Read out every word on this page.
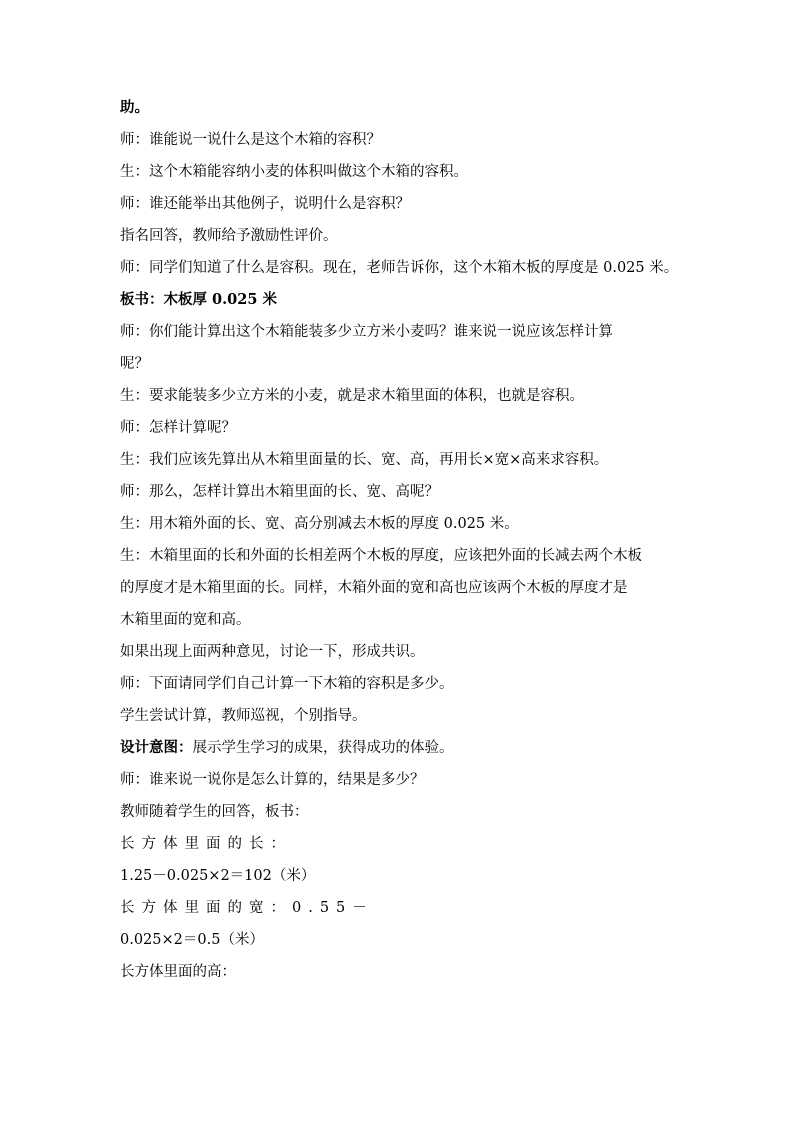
助。

师：谁能说一说什么是这个木箱的容积？

生：这个木箱能容纳小麦的体积叫做这个木箱的容积。

师：谁还能举出其他例子，说明什么是容积？

指名回答，教师给予激励性评价。

师：同学们知道了什么是容积。现在，老师告诉你，这个木箱木板的厚度是 0.025 米。

板书：木板厚 0.025 米

师：你们能计算出这个木箱能装多少立方米小麦吗？谁来说一说应该怎样计算

呢？

生：要求能装多少立方米的小麦，就是求木箱里面的体积，也就是容积。

师：怎样计算呢？

生：我们应该先算出从木箱里面量的长、宽、高，再用长×宽×高来求容积。

师：那么，怎样计算出木箱里面的长、宽、高呢？

生：用木箱外面的长、宽、高分别减去木板的厚度 0.025 米。

生：木箱里面的长和外面的长相差两个木板的厚度，应该把外面的长减去两个木板

的厚度才是木箱里面的长。同样，木箱外面的宽和高也应该两个木板的厚度才是

木箱里面的宽和高。

如果出现上面两种意见，讨论一下，形成共识。

师：下面请同学们自己计算一下木箱的容积是多少。

学生尝试计算，教师巡视，个别指导。

设计意图：展示学生学习的成果，获得成功的体验。

师：谁来说一说你是怎么计算的，结果是多少？

教师随着学生的回答，板书：

长方体里面的长：

1.25－0.025×2＝102（米）

长方体里面的宽：0.55－

0.025×2＝0.5（米）

长方体里面的高：
